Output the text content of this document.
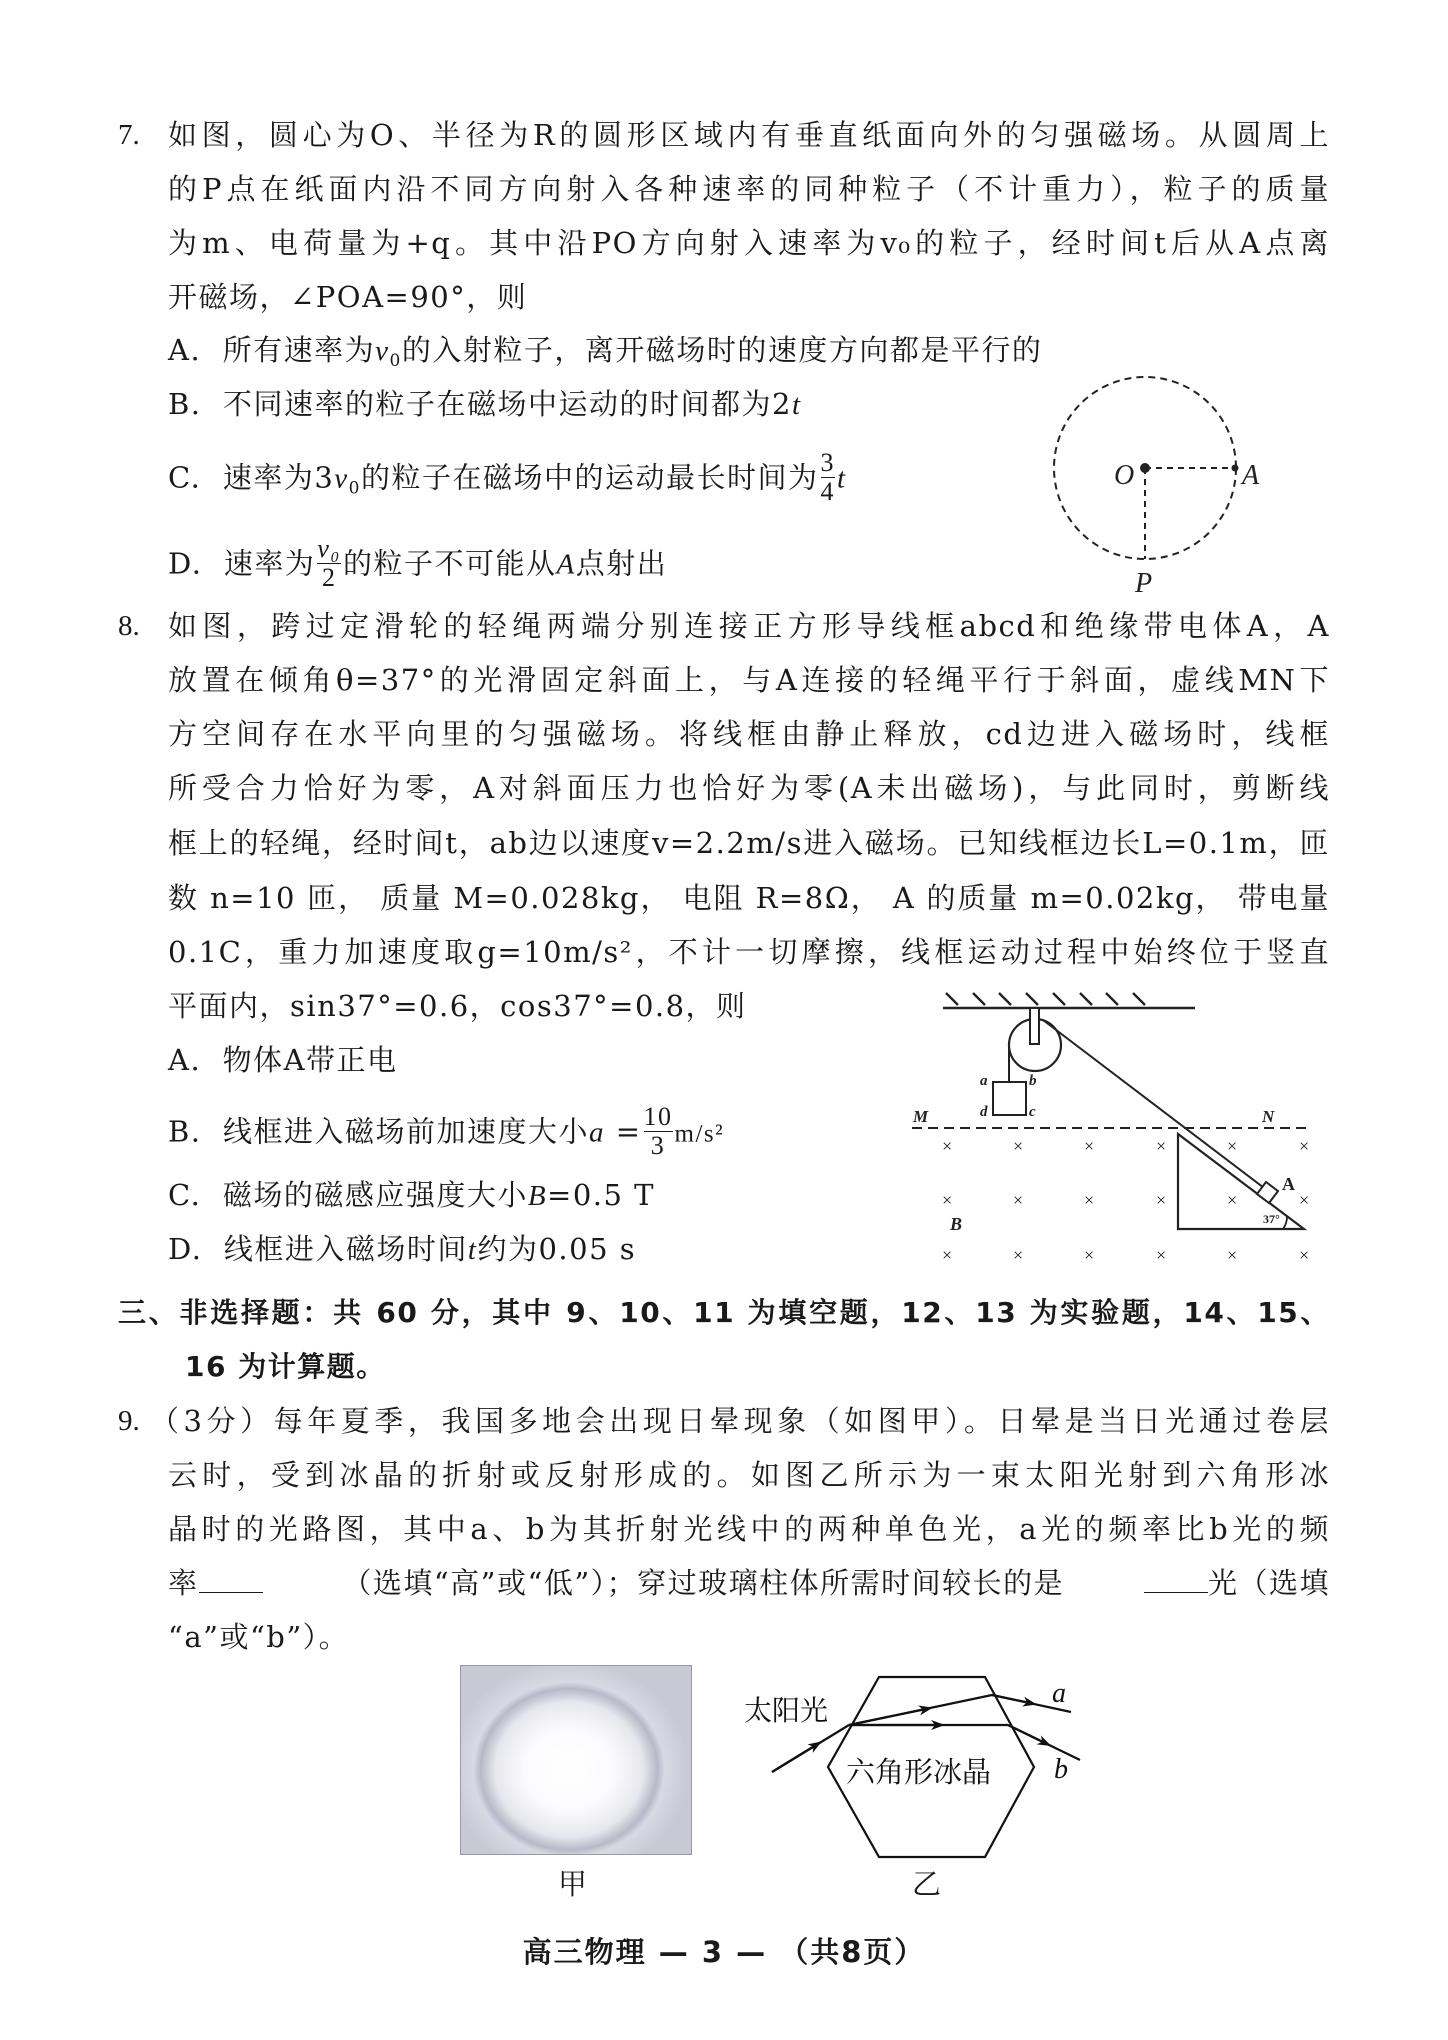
7. 如图，圆心为O、半径为R的圆形区域内有垂直纸面向外的匀强磁场。从圆周上
的P点在纸面内沿不同方向射入各种速率的同种粒子（不计重力），粒子的质量
为m、电荷量为+q。其中沿PO方向射入速率为v₀的粒子，经时间t后从A点离
开磁场，∠POA=90°，则
A. 所有速率为$v_0$的入射粒子，离开磁场时的速度方向都是平行的
B. 不同速率的粒子在磁场中运动的时间都为2t
C. 速率为$3v_0$的粒子在磁场中的运动最长时间为 $\frac{3}{4}$ t
D. 速率为 $\frac{\text{v₀}}{2}$ 的粒子不可能从A点射出
O	A
P
8. 如图，跨过定滑轮的轻绳两端分别连接正方形导线框abcd和绝缘带电体A，A
放置在倾角θ=37°的光滑固定斜面上，与A连接的轻绳平行于斜面，虚线MN下
方空间存在水平向里的匀强磁场。将线框由静止释放，cd边进入磁场时，线框
所受合力恰好为零，A对斜面压力也恰好为零(A未出磁场)，与此同时，剪断线
框上的轻绳，经时间t，ab边以速度v=2.2m/s进入磁场。已知线框边长L=0.1m，匝
数 n=10 匝， 质量 M=0.028kg， 电阻 R=8Ω， A 的质量 m=0.02kg， 带电量
0.1C，重力加速度取g=10m/s²，不计一切摩擦，线框运动过程中始终位于竖直
平面内，sin37°=0.6，cos37°=0.8，则
A. 物体A带正电
B. 线框进入磁场前加速度大小$a = \frac{10}{3} m/s^2$
C. 磁场的磁感应强度大小B=0.5 T
D. 线框进入磁场时间t约为0.05 s
a	b
d	c
M	N
A
37°
B
×	×	×	×	×	×
×	×	×	×	×	×
×	×	×	×	×	×
三、非选择题：共 60 分，其中 9、10、11 为填空题，12、13 为实验题，14、15、
16 为计算题。
9. （3分）每年夏季，我国多地会出现日晕现象（如图甲）。日晕是当日光通过卷层
云时，受到冰晶的折射或反射形成的。如图乙所示为一束太阳光射到六角形冰
晶时的光路图，其中a、b为其折射光线中的两种单色光，a光的频率比b光的频
率	（选填“高”或“低”）；穿过玻璃柱体所需时间较长的是	光（选填
“a”或“b”）。
甲
太阳光
六角形冰晶
a
b
乙
高三物理 — 3 — （共8页）
